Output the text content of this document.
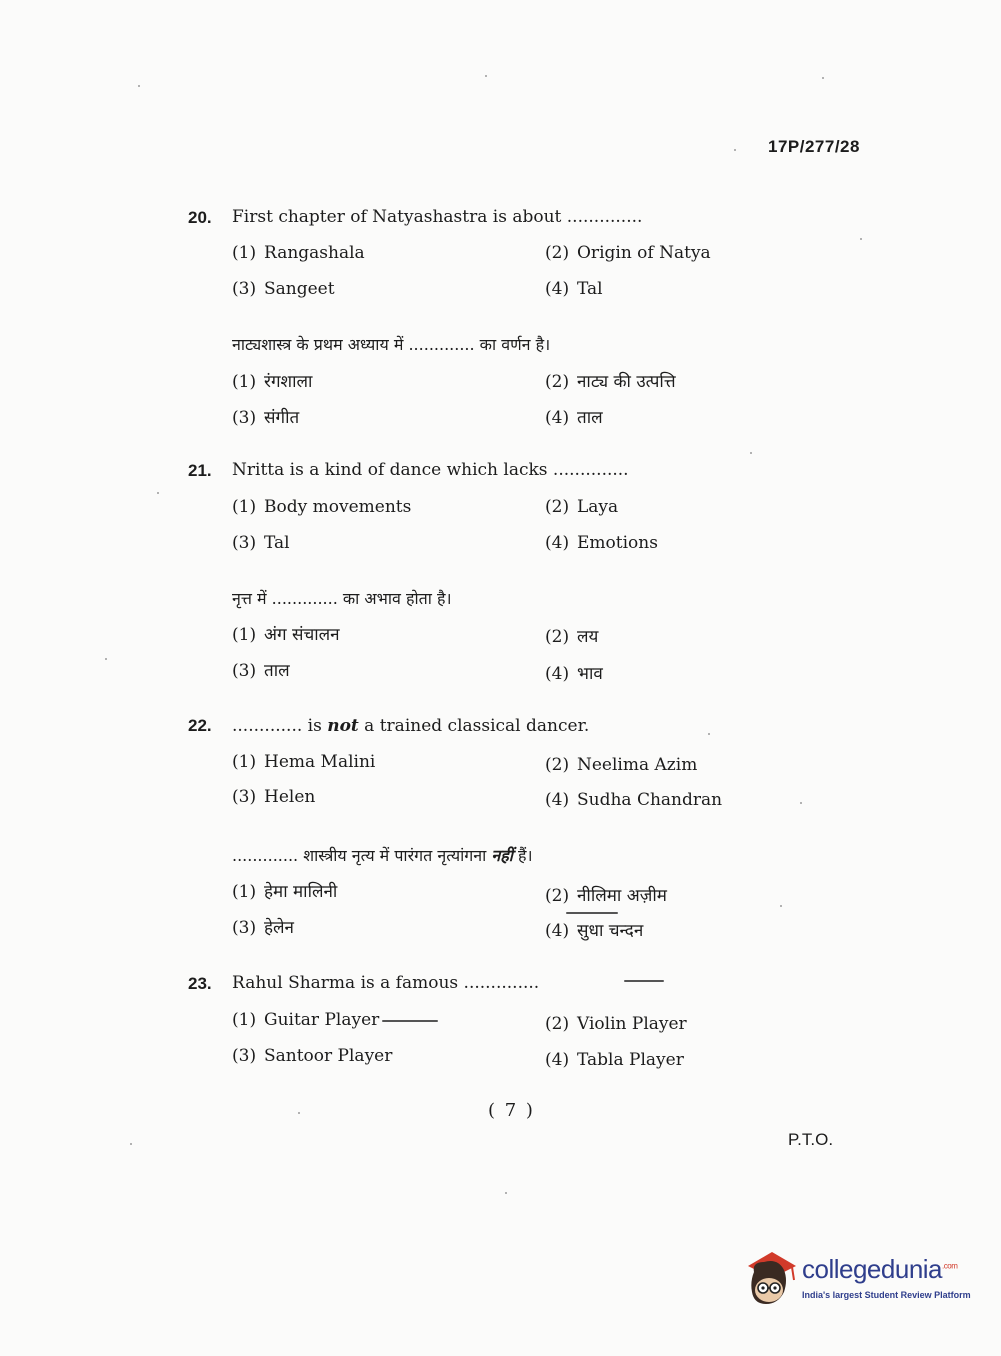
17P/277/28
20.	First chapter of Natyashastra is about ..............
(1) Rangashala	(2) Origin of Natya
(3) Sangeet	(4) Tal
नाट्यशास्त्र के प्रथम अध्याय में ............. का वर्णन है।
(1) रंगशाला	(2) नाट्य की उत्पत्ति
(3) संगीत	(4) ताल
21.	Nritta is a kind of dance which lacks ..............
(1) Body movements	(2) Laya
(3) Tal	(4) Emotions
नृत्त में ............. का अभाव होता है।
(1) अंग संचालन	(2) लय
(3) ताल	(4) भाव
22.	............. is not a trained classical dancer.
(1) Hema Malini	(2) Neelima Azim
(3) Helen	(4) Sudha Chandran
............. शास्त्रीय नृत्य में पारंगत नृत्यांगना नहीं हैं।
(1) हेमा मालिनी	(2) नीलिमा अज़ीम
(3) हेलेन	(4) सुधा चन्दन
23.	Rahul Sharma is a famous ..............
(1) Guitar Player	(2) Violin Player
(3) Santoor Player	(4) Tabla Player
( 7 )
P.T.O.
collegedunia$^{.com}$
India's largest Student Review Platform
